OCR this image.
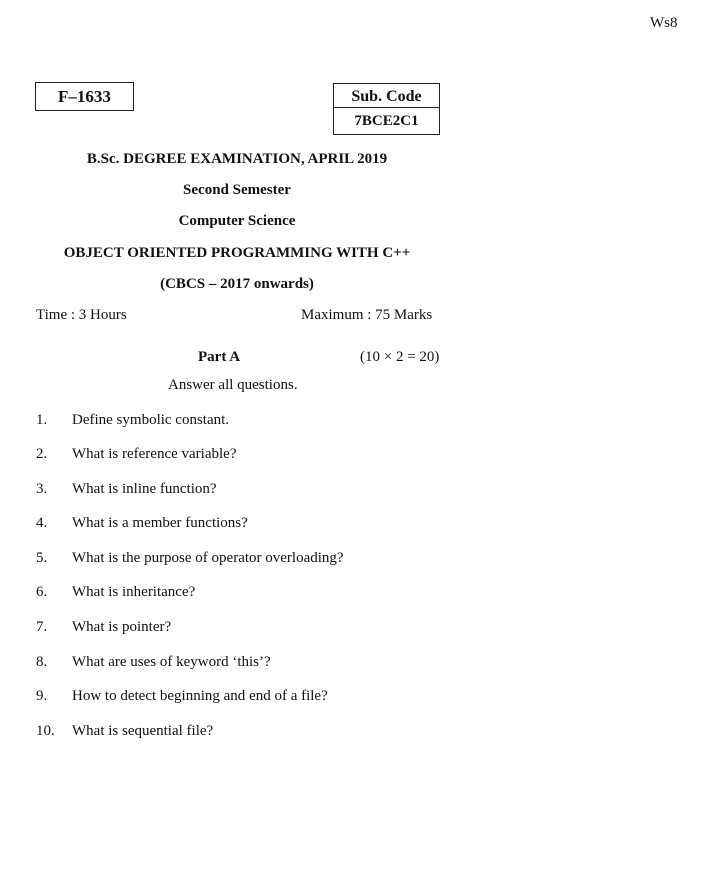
Ws8
F–1633	Sub. Code
7BCE2C1
B.Sc. DEGREE EXAMINATION, APRIL 2019
Second Semester
Computer Science
OBJECT ORIENTED PROGRAMMING WITH C++
(CBCS – 2017 onwards)
Time : 3 Hours	Maximum : 75 Marks
Part A	(10 × 2 = 20)
Answer all questions.
1. Define symbolic constant.
2. What is reference variable?
3. What is inline function?
4. What is a member functions?
5. What is the purpose of operator overloading?
6. What is inheritance?
7. What is pointer?
8. What are uses of keyword ‘this’?
9. How to detect beginning and end of a file?
10. What is sequential file?
